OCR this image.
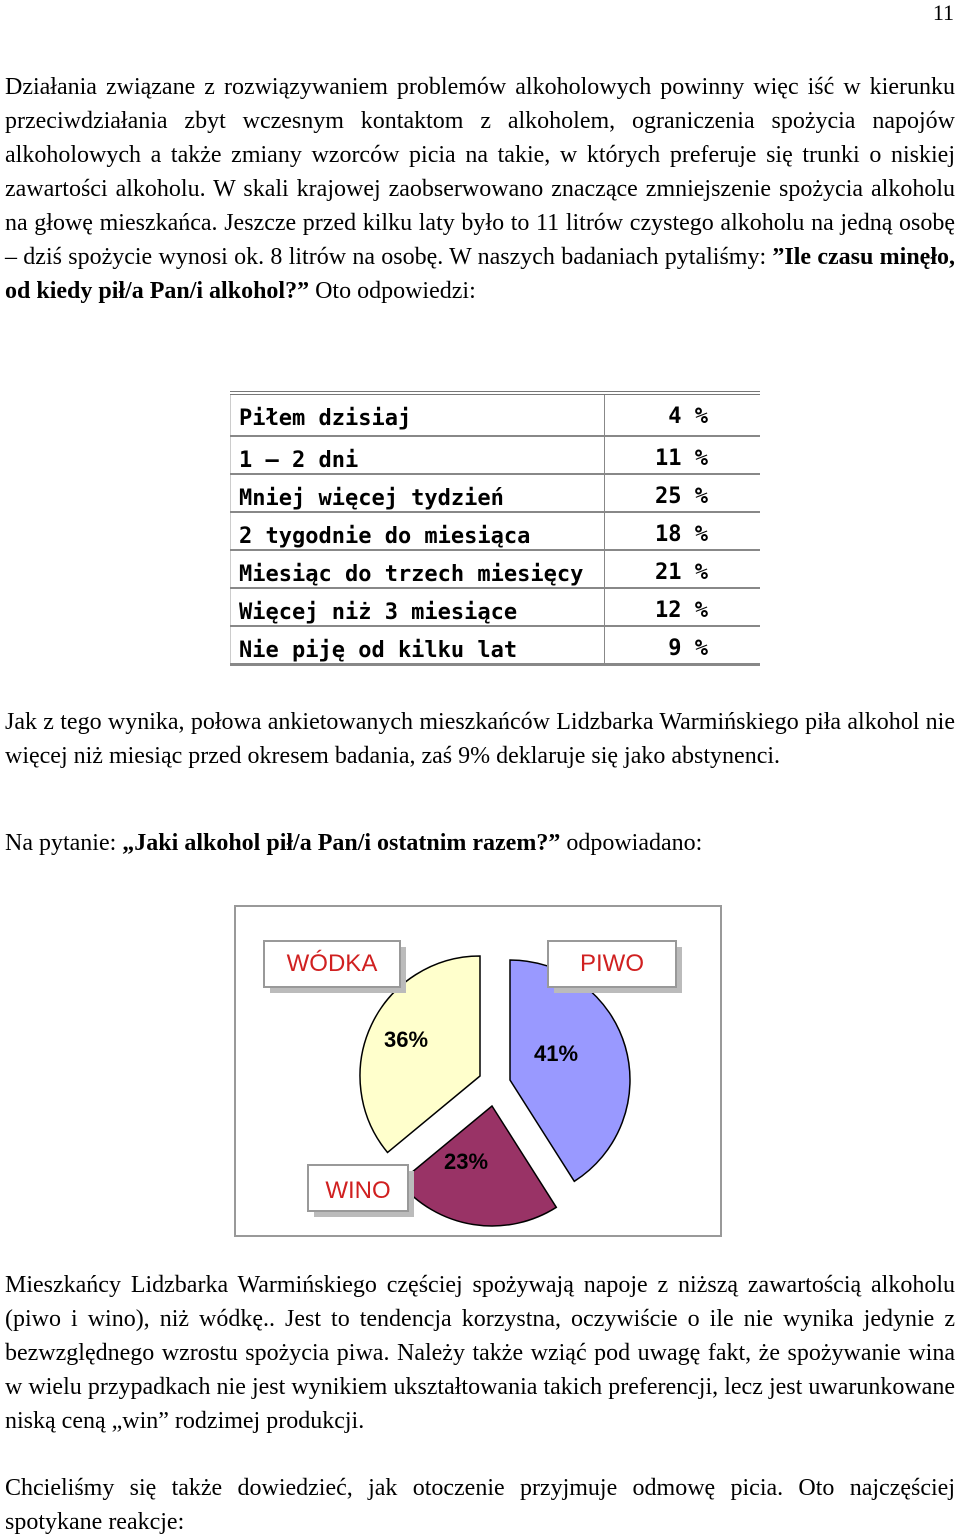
11

Działania związane z rozwiązywaniem problemów alkoholowych powinny więc iść w kierunku przeciwdziałania zbyt wczesnym kontaktom z alkoholem, ograniczenia spożycia napojów alkoholowych a także zmiany wzorców picia na takie, w których preferuje się trunki o niskiej zawartości alkoholu. W skali krajowej zaobserwowano znaczące zmniejszenie spożycia alkoholu na głowę mieszkańca. Jeszcze przed kilku laty było to 11 litrów czystego alkoholu na jedną osobę – dziś spożycie wynosi ok. 8 litrów na osobę. W naszych badaniach pytaliśmy: ”Ile czasu minęło, od kiedy pił/a Pan/i alkohol?” Oto odpowiedzi:

Piłem dzisiaj	4 %
1 – 2 dni	11 %
Mniej więcej tydzień	25 %
2 tygodnie do miesiąca	18 %
Miesiąc do trzech miesięcy	21 %
Więcej niż 3 miesiące	12 %
Nie piję od kilku lat	9 %

Jak z tego wynika, połowa ankietowanych mieszkańców Lidzbarka Warmińskiego piła alkohol nie więcej niż miesiąc przed okresem badania, zaś 9% deklaruje się jako abstynenci.

Na pytanie: „Jaki alkohol pił/a Pan/i ostatnim razem?” odpowiadano:

WÓDKA	PIWO
WINO
36%
41%
23%

Mieszkańcy Lidzbarka Warmińskiego częściej spożywają napoje z niższą zawartością alkoholu (piwo i wino), niż wódkę.. Jest to tendencja korzystna, oczywiście o ile nie wynika jedynie z bezwzględnego wzrostu spożycia piwa. Należy także wziąć pod uwagę fakt, że spożywanie wina w wielu przypadkach nie jest wynikiem ukształtowania takich preferencji, lecz jest uwarunkowane niską ceną „win” rodzimej produkcji.

Chcieliśmy się także dowiedzieć, jak otoczenie przyjmuje odmowę picia. Oto najczęściej spotykane reakcje:
